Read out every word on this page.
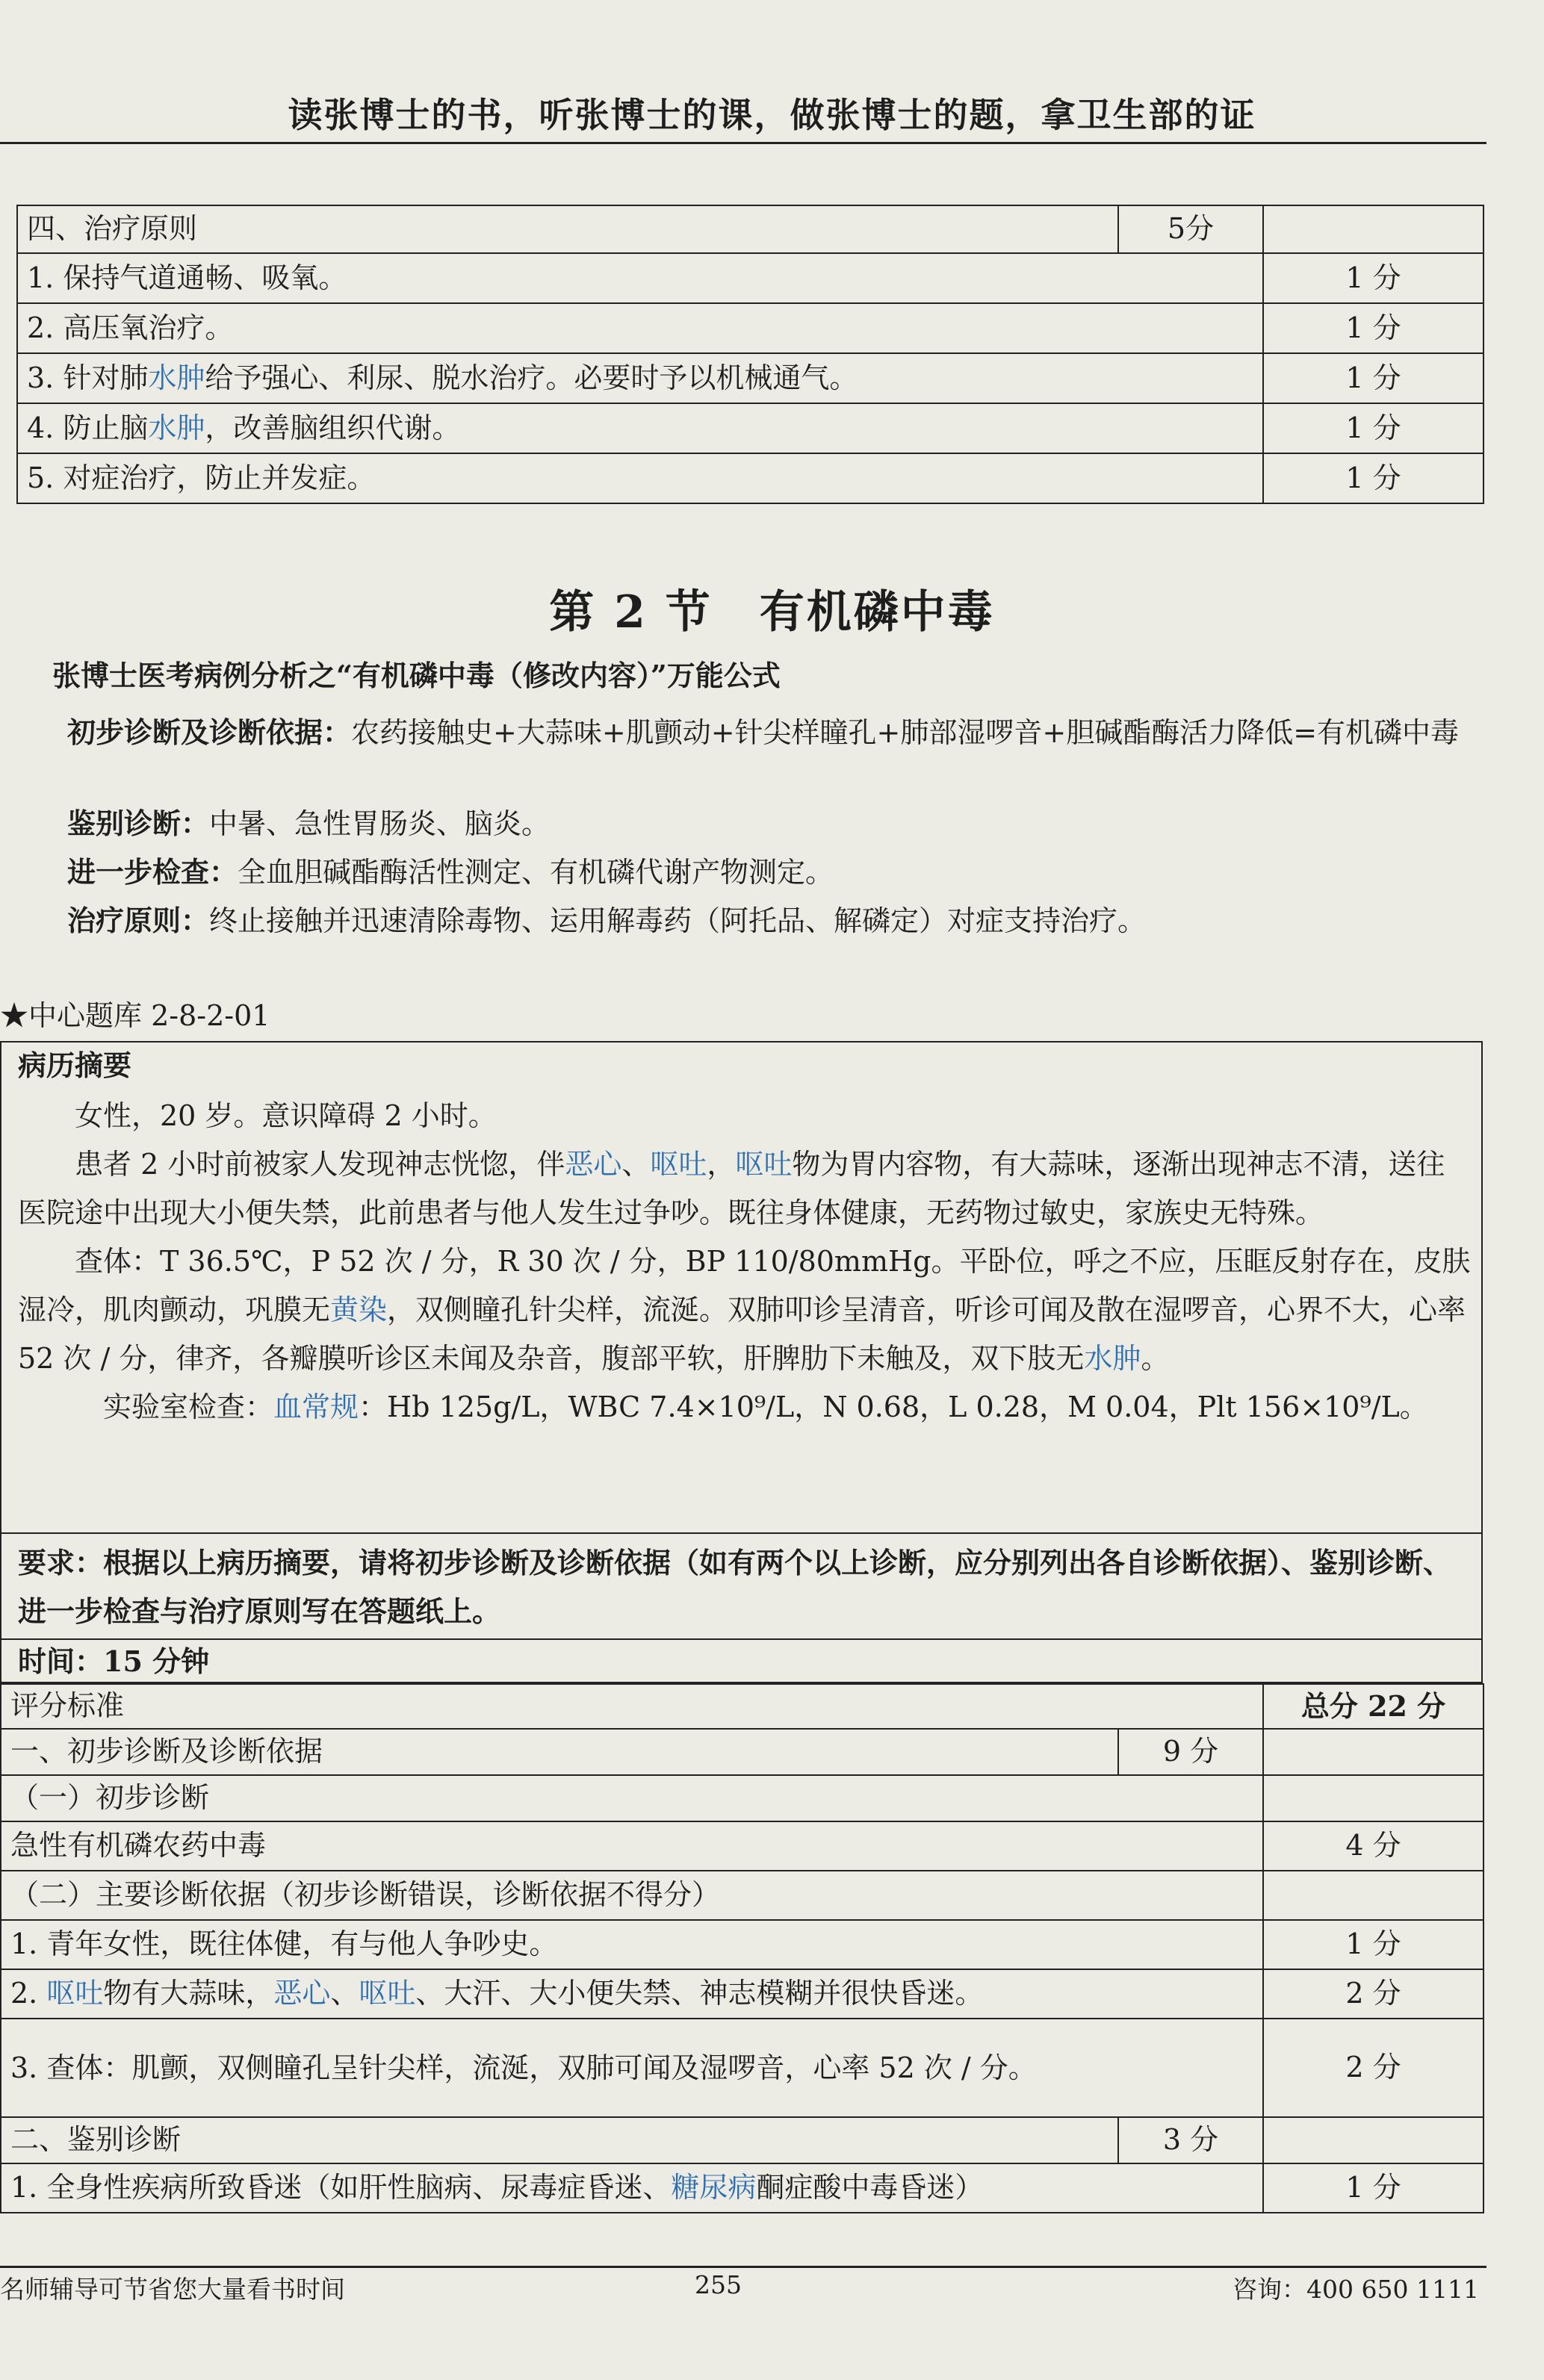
读张博士的书，听张博士的课，做张博士的题，拿卫生部的证
四、治疗原则	5分	
1. 保持气道通畅、吸氧。		1 分
2. 高压氧治疗。		1 分
3. 针对肺水肿给予强心、利尿、脱水治疗。必要时予以机械通气。		1 分
4. 防止脑水肿，改善脑组织代谢。		1 分
5. 对症治疗，防止并发症。		1 分
第 2 节　有机磷中毒
张博士医考病例分析之“有机磷中毒（修改内容）”万能公式
初步诊断及诊断依据：农药接触史+大蒜味+肌颤动+针尖样瞳孔+肺部湿啰音+胆碱酯酶活力降低=有机磷中毒
鉴别诊断：中暑、急性胃肠炎、脑炎。
进一步检查：全血胆碱酯酶活性测定、有机磷代谢产物测定。
治疗原则：终止接触并迅速清除毒物、运用解毒药（阿托品、解磷定）对症支持治疗。
★中心题库 2-8-2-01
病历摘要
女性，20 岁。意识障碍 2 小时。
患者 2 小时前被家人发现神志恍惚，伴恶心、呕吐，呕吐物为胃内容物，有大蒜味，逐渐出现神志不清，送往医院途中出现大小便失禁，此前患者与他人发生过争吵。既往身体健康，无药物过敏史，家族史无特殊。
查体：T 36.5℃，P 52 次 / 分，R 30 次 / 分，BP 110/80mmHg。平卧位，呼之不应，压眶反射存在，皮肤湿冷，肌肉颤动，巩膜无黄染，双侧瞳孔针尖样，流涎。双肺叩诊呈清音，听诊可闻及散在湿啰音，心界不大，心率 52 次 / 分，律齐，各瓣膜听诊区未闻及杂音，腹部平软，肝脾肋下未触及，双下肢无水肿。
实验室检查：血常规：Hb 125g/L，WBC 7.4×10⁹/L，N 0.68，L 0.28，M 0.04，Plt 156×10⁹/L。
要求：根据以上病历摘要，请将初步诊断及诊断依据（如有两个以上诊断，应分别列出各自诊断依据）、鉴别诊断、进一步检查与治疗原则写在答题纸上。
时间：15 分钟
评分标准		总分 22 分
一、初步诊断及诊断依据	9 分	
（一）初步诊断		
急性有机磷农药中毒		4 分
（二）主要诊断依据（初步诊断错误，诊断依据不得分）		
1. 青年女性，既往体健，有与他人争吵史。		1 分
2. 呕吐物有大蒜味，恶心、呕吐、大汗、大小便失禁、神志模糊并很快昏迷。		2 分
3. 查体：肌颤，双侧瞳孔呈针尖样，流涎，双肺可闻及湿啰音，心率 52 次 / 分。		2 分
二、鉴别诊断	3 分	
1. 全身性疾病所致昏迷（如肝性脑病、尿毒症昏迷、糖尿病酮症酸中毒昏迷）		1 分
名师辅导可节省您大量看书时间	255	咨询：400 650 1111
